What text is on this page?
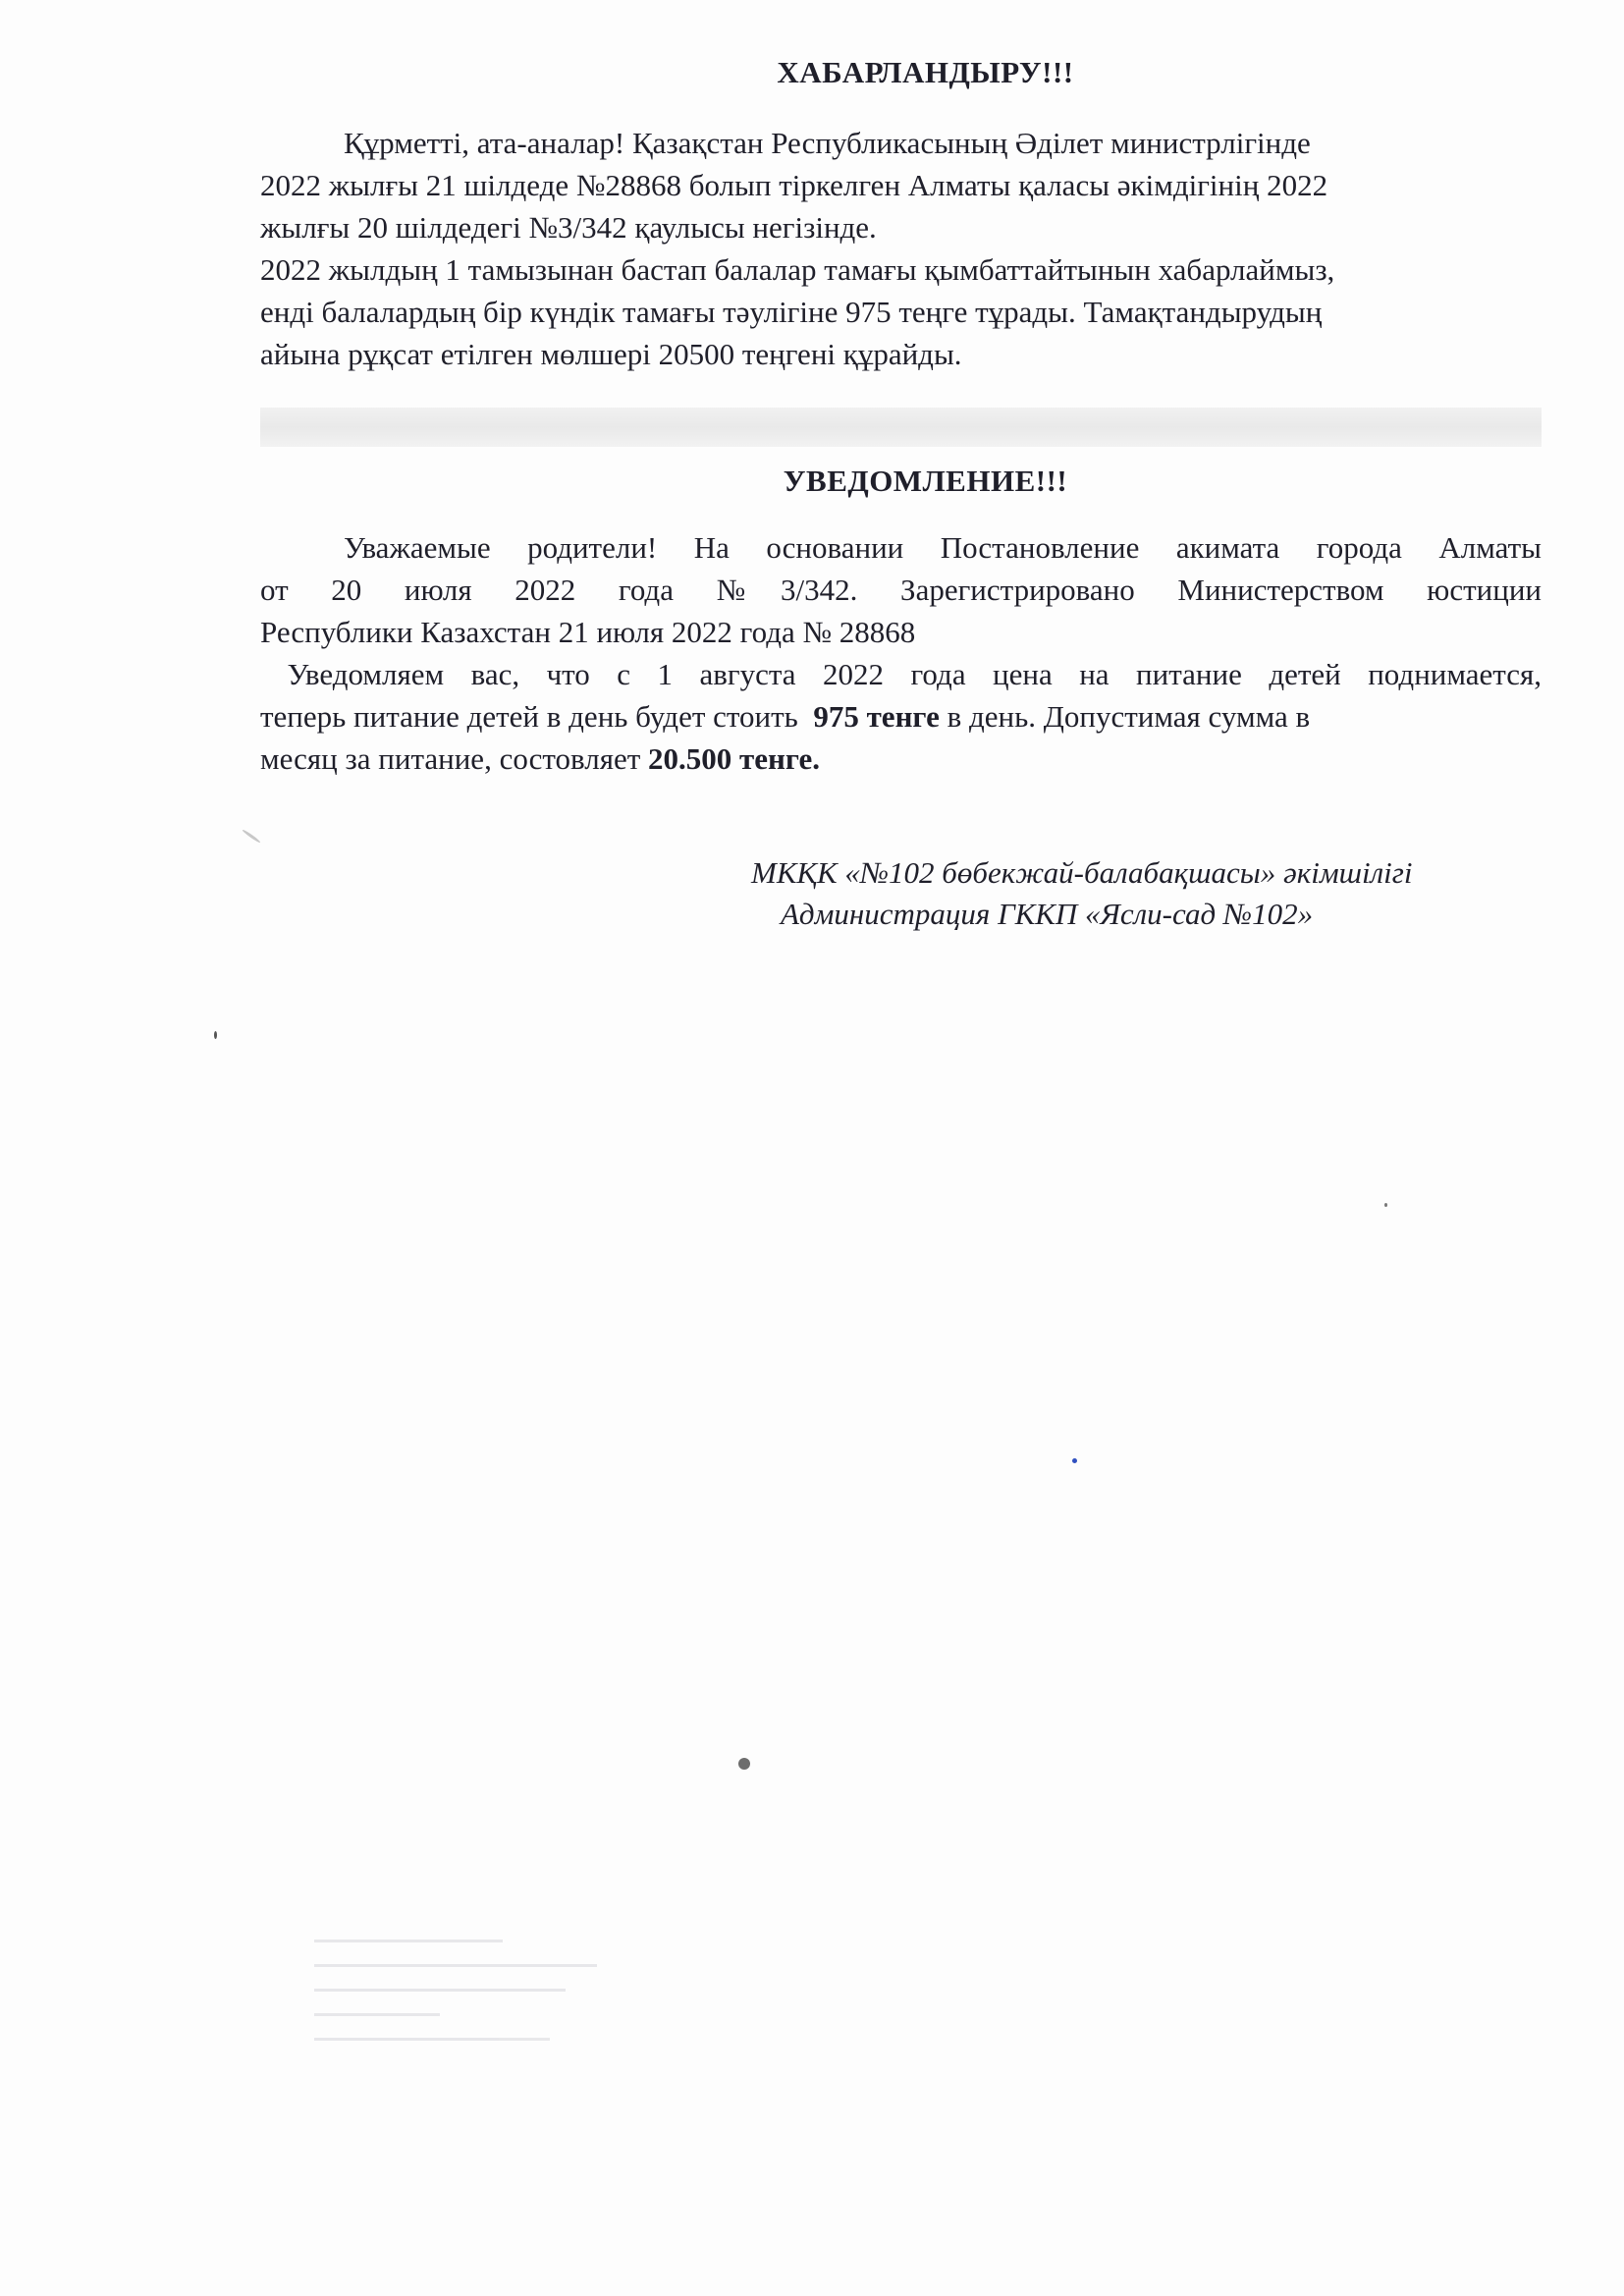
ХАБАРЛАНДЫРУ!!!
Құрметті, ата-аналар! Қазақстан Республикасының Әділет министрлігінде
2022 жылғы 21 шілдеде №28868 болып тіркелген Алматы қаласы әкімдігінің 2022
жылғы 20 шілдедегі №3/342 қаулысы негізінде.
2022 жылдың 1 тамызынан бастап балалар тамағы қымбаттайтынын хабарлаймыз,
енді балалардың бір күндік тамағы тәулігіне 975 теңге тұрады. Тамақтандырудың
айына рұқсат етілген мөлшері 20500 теңгені құрайды.
УВЕДОМЛЕНИЕ!!!
Уважаемые родители! На основании Постановление акимата города Алматы
от 20 июля 2022 года №3/342. Зарегистрировано Министерством юстиции
Республики Казахстан 21 июля 2022 года № 28868
Уведомляем вас, что с 1 августа 2022 года цена на питание детей поднимается,
теперь питание детей в день будет стоить  975 тенге в день. Допустимая сумма в
месяц за питание, состовляет 20.500 тенге.
МКҚК «№102 бөбекжай-балабақшасы» әкімшілігі
Администрация ГККП «Ясли-сад №102»
